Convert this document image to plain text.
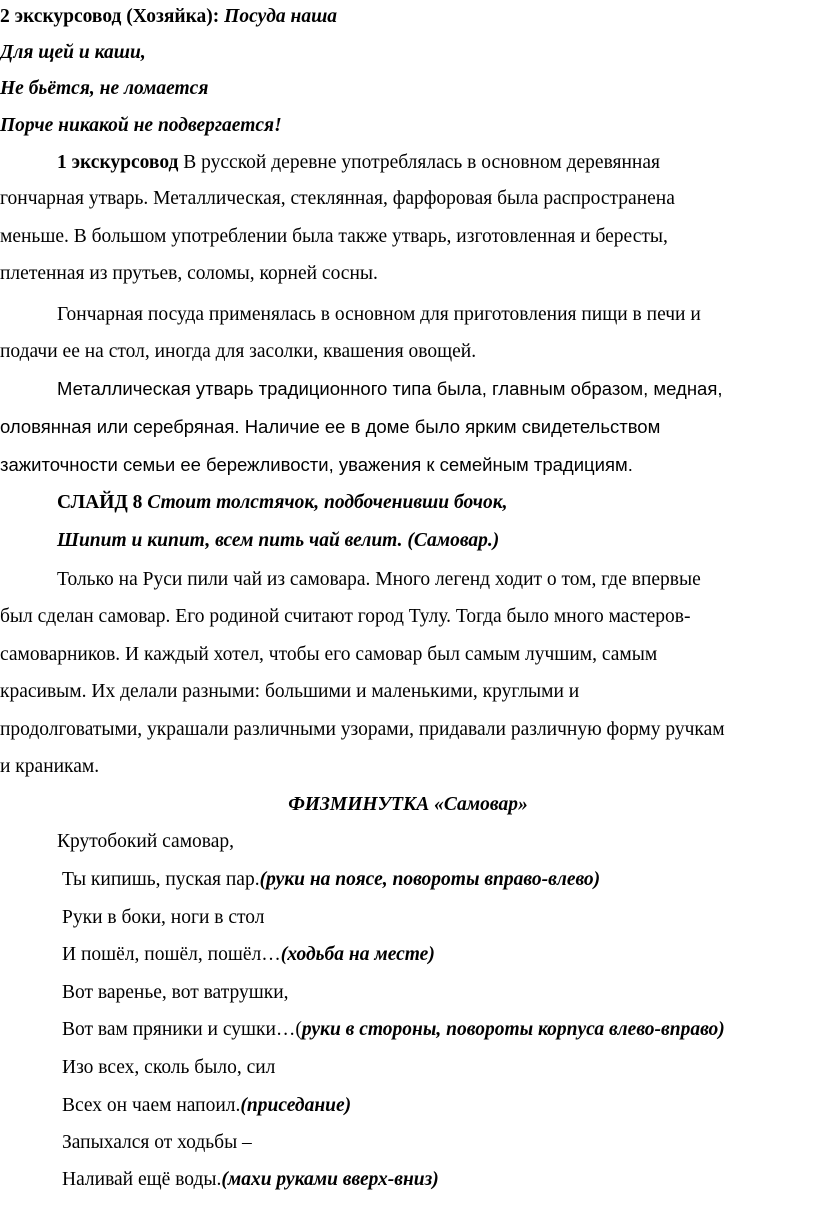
2 экскурсовод (Хозяйка): Посуда наша

Для щей и каши,

Не бьётся, не ломается

Порче никакой не подвергается!

1 экскурсовод В русской деревне употреблялась в основном деревянная

гончарная утварь. Металлическая, стеклянная, фарфоровая была распространена

меньше. В большом употреблении была также утварь, изготовленная и бересты,

плетенная из прутьев, соломы, корней сосны.

Гончарная посуда применялась в основном для приготовления пищи в печи и

подачи ее на стол, иногда для засолки, квашения овощей.

Металлическая утварь традиционного типа была, главным образом, медная,

оловянная или серебряная. Наличие ее в доме было ярким свидетельством

зажиточности семьи ее бережливости, уважения к семейным традициям.

СЛАЙД 8 Стоит толстячок, подбоченивши бочок,

Шипит и кипит, всем пить чай велит. (Самовар.)

Только на Руси пили чай из самовара. Много легенд ходит о том, где впервые

был сделан самовар. Его родиной считают город Тулу. Тогда было много мастеров-

самоварников. И каждый хотел, чтобы его самовар был самым лучшим, самым

красивым. Их делали разными: большими и маленькими, круглыми и

продолговатыми, украшали различными узорами, придавали различную форму ручкам

и краникам.

ФИЗМИНУТКА «Самовар»

Крутобокий самовар,

Ты кипишь, пуская пар.(руки на поясе, повороты вправо-влево)

Руки в боки, ноги в стол

И пошёл, пошёл, пошёл…(ходьба на месте)

Вот варенье, вот ватрушки,

Вот вам пряники и сушки…(руки в стороны, повороты корпуса влево-вправо)

Изо всех, сколь было, сил

Всех он чаем напоил.(приседание)

Запыхался от ходьбы –

Наливай ещё воды.(махи руками вверх-вниз)
